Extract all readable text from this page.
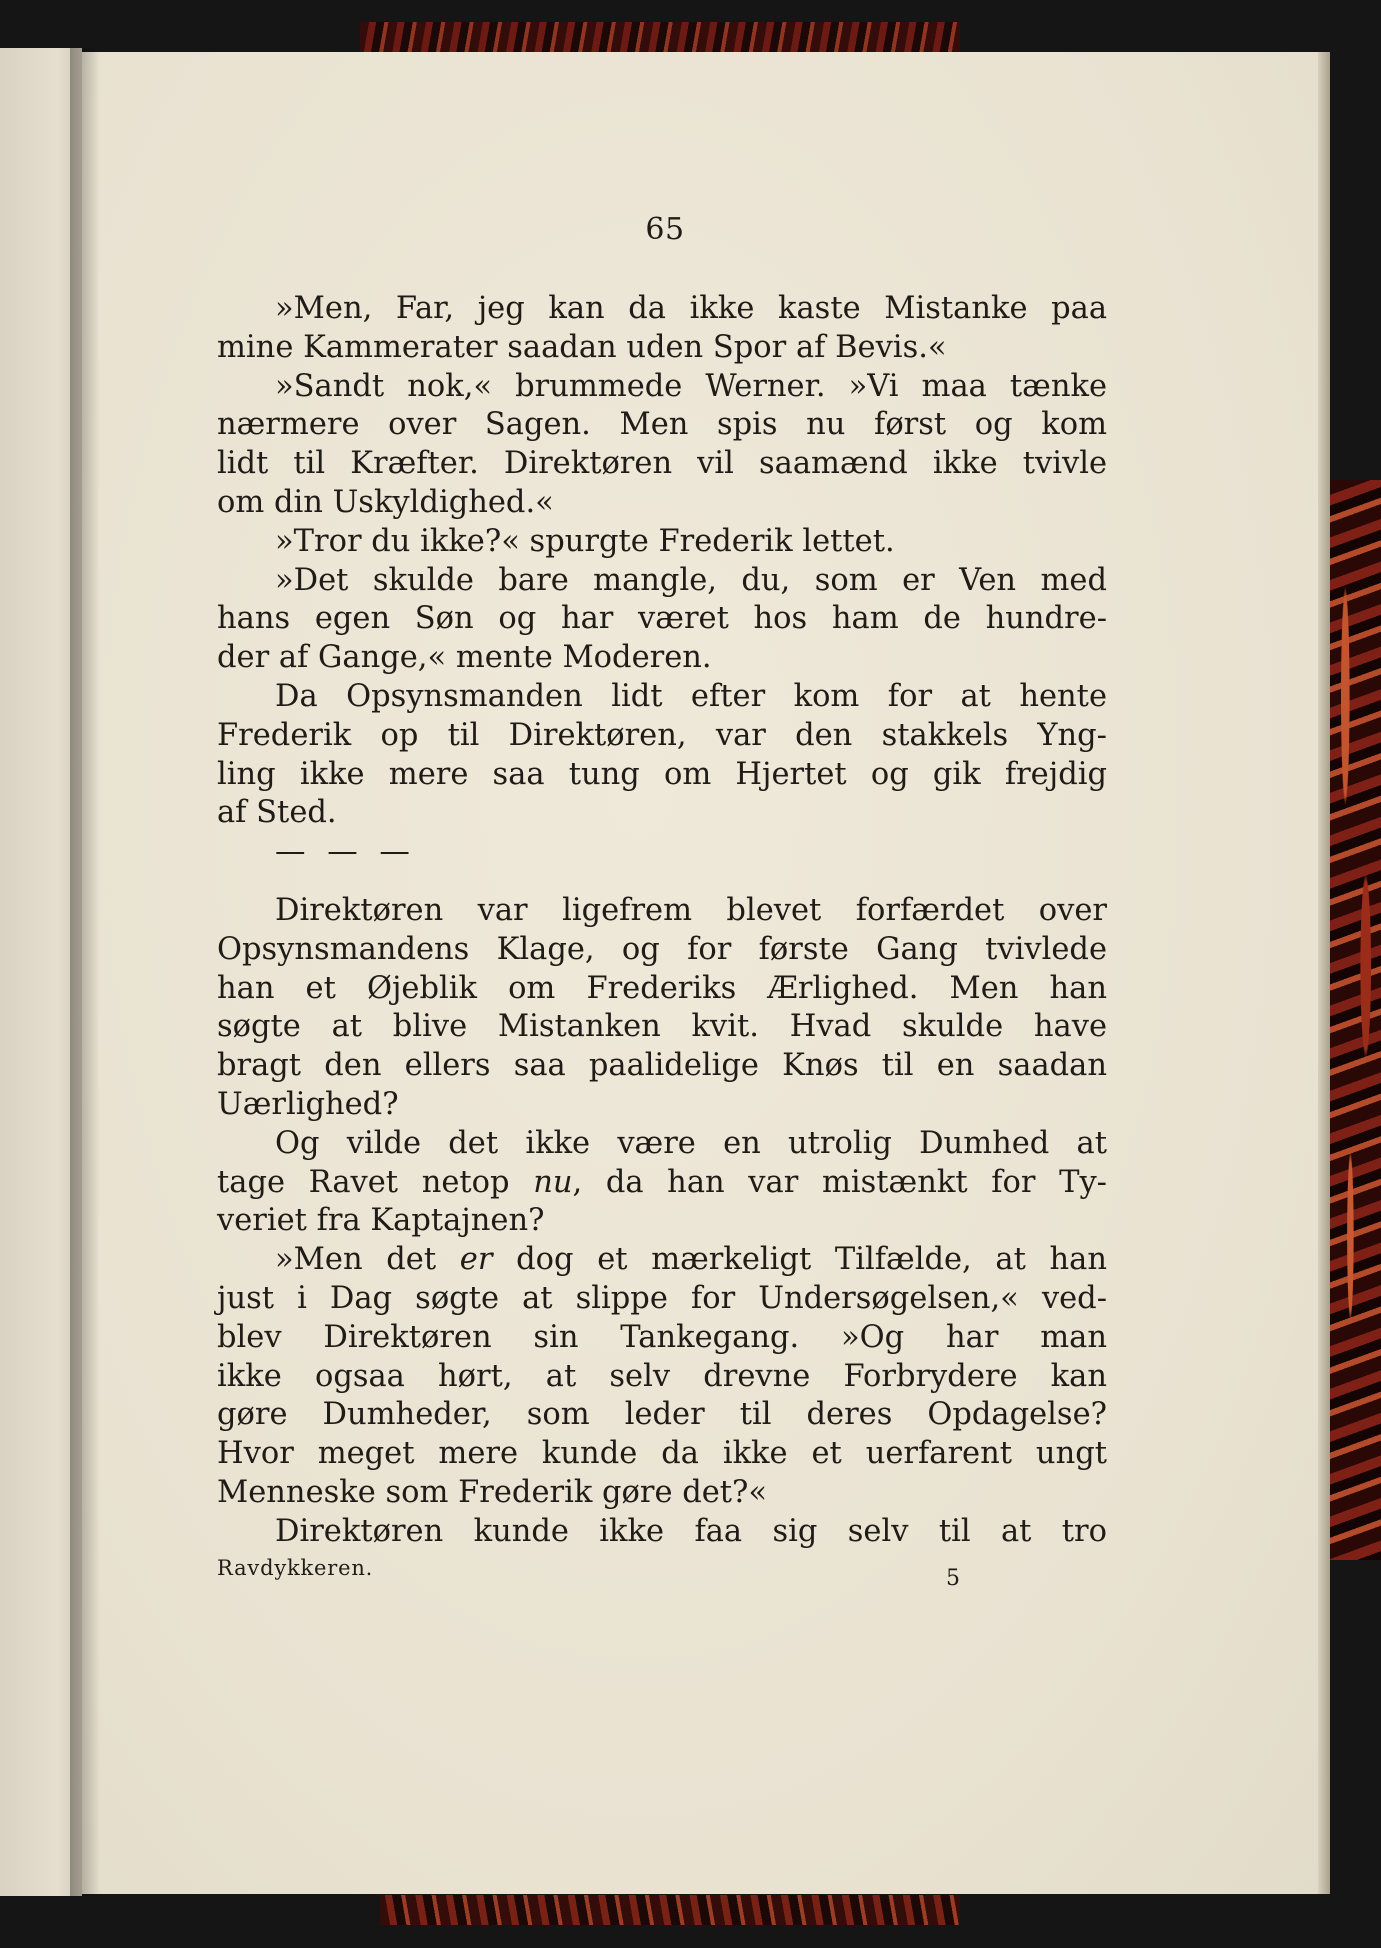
65
»Men, Far, jeg kan da ikke kaste Mistanke paa
mine Kammerater saadan uden Spor af Bevis.«
»Sandt nok,« brummede Werner. »Vi maa tænke
nærmere over Sagen. Men spis nu først og kom
lidt til Kræfter. Direktøren vil saamænd ikke tvivle
om din Uskyldighed.«
»Tror du ikke?« spurgte Frederik lettet.
»Det skulde bare mangle, du, som er Ven med
hans egen Søn og har været hos ham de hundre-
der af Gange,« mente Moderen.
Da Opsynsmanden lidt efter kom for at hente
Frederik op til Direktøren, var den stakkels Yng-
ling ikke mere saa tung om Hjertet og gik frejdig
af Sted.
— — —
Direktøren var ligefrem blevet forfærdet over
Opsynsmandens Klage, og for første Gang tvivlede
han et Øjeblik om Frederiks Ærlighed. Men han
søgte at blive Mistanken kvit. Hvad skulde have
bragt den ellers saa paalidelige Knøs til en saadan
Uærlighed?
Og vilde det ikke være en utrolig Dumhed at
tage Ravet netop nu, da han var mistænkt for Ty-
veriet fra Kaptajnen?
»Men det er dog et mærkeligt Tilfælde, at han
just i Dag søgte at slippe for Undersøgelsen,« ved-
blev Direktøren sin Tankegang. »Og har man
ikke ogsaa hørt, at selv drevne Forbrydere kan
gøre Dumheder, som leder til deres Opdagelse?
Hvor meget mere kunde da ikke et uerfarent ungt
Menneske som Frederik gøre det?«
Direktøren kunde ikke faa sig selv til at tro
Ravdykkeren.	5
